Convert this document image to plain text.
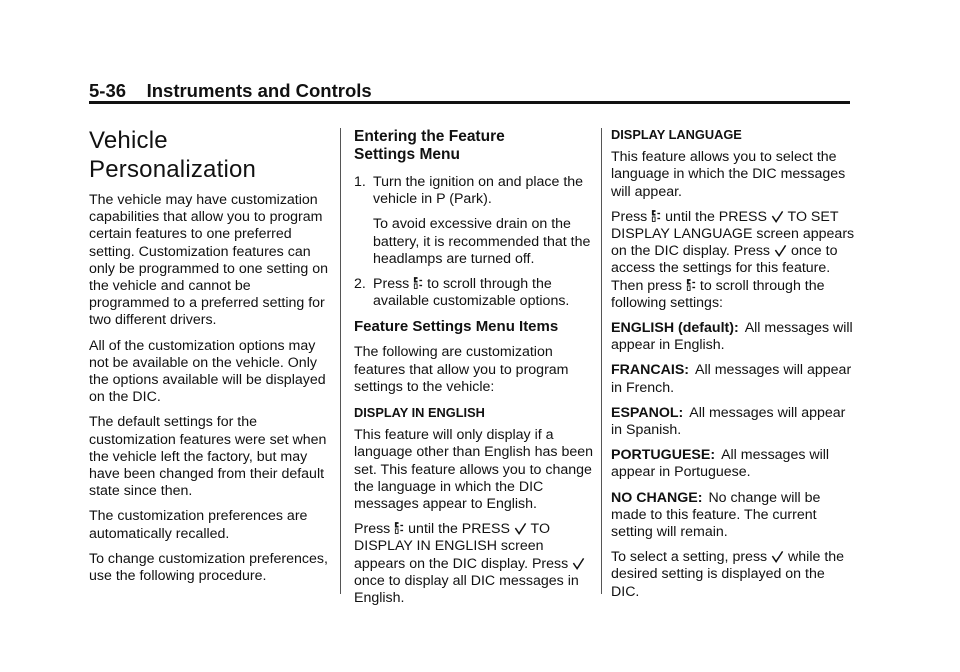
5-36 Instruments and Controls
Vehicle
Personalization

The vehicle may have customization capabilities that allow you to program certain features to one preferred setting. Customization features can only be programmed to one setting on the vehicle and cannot be programmed to a preferred setting for two different drivers.

All of the customization options may not be available on the vehicle. Only the options available will be displayed on the DIC.

The default settings for the customization features were set when the vehicle left the factory, but may have been changed from their default state since then.

The customization preferences are automatically recalled.

To change customization preferences, use the following procedure.

Entering the Feature
Settings Menu
1. Turn the ignition on and place the vehicle in P (Park).

To avoid excessive drain on the battery, it is recommended that the headlamps are turned off.

2. Press to scroll through the available customizable options.

Feature Settings Menu Items

The following are customization features that allow you to program settings to the vehicle:

DISPLAY IN ENGLISH

This feature will only display if a language other than English has been set. This feature allows you to change the language in which the DIC messages appear to English.

Press until the PRESS TO DISPLAY IN ENGLISH screen appears on the DIC display. Press
once to display all DIC messages in English.

DISPLAY LANGUAGE

This feature allows you to select the language in which the DIC messages will appear.

Press until the PRESS TO SET DISPLAY LANGUAGE screen appears on the DIC display. Press once to access the settings for this feature. Then press to scroll through the following settings:

ENGLISH (default): All messages will appear in English.

FRANCAIS: All messages will appear in French.

ESPANOL: All messages will appear in Spanish.

PORTUGUESE: All messages will appear in Portuguese.

NO CHANGE: No change will be made to this feature. The current setting will remain.

To select a setting, press while the desired setting is displayed on the DIC.
